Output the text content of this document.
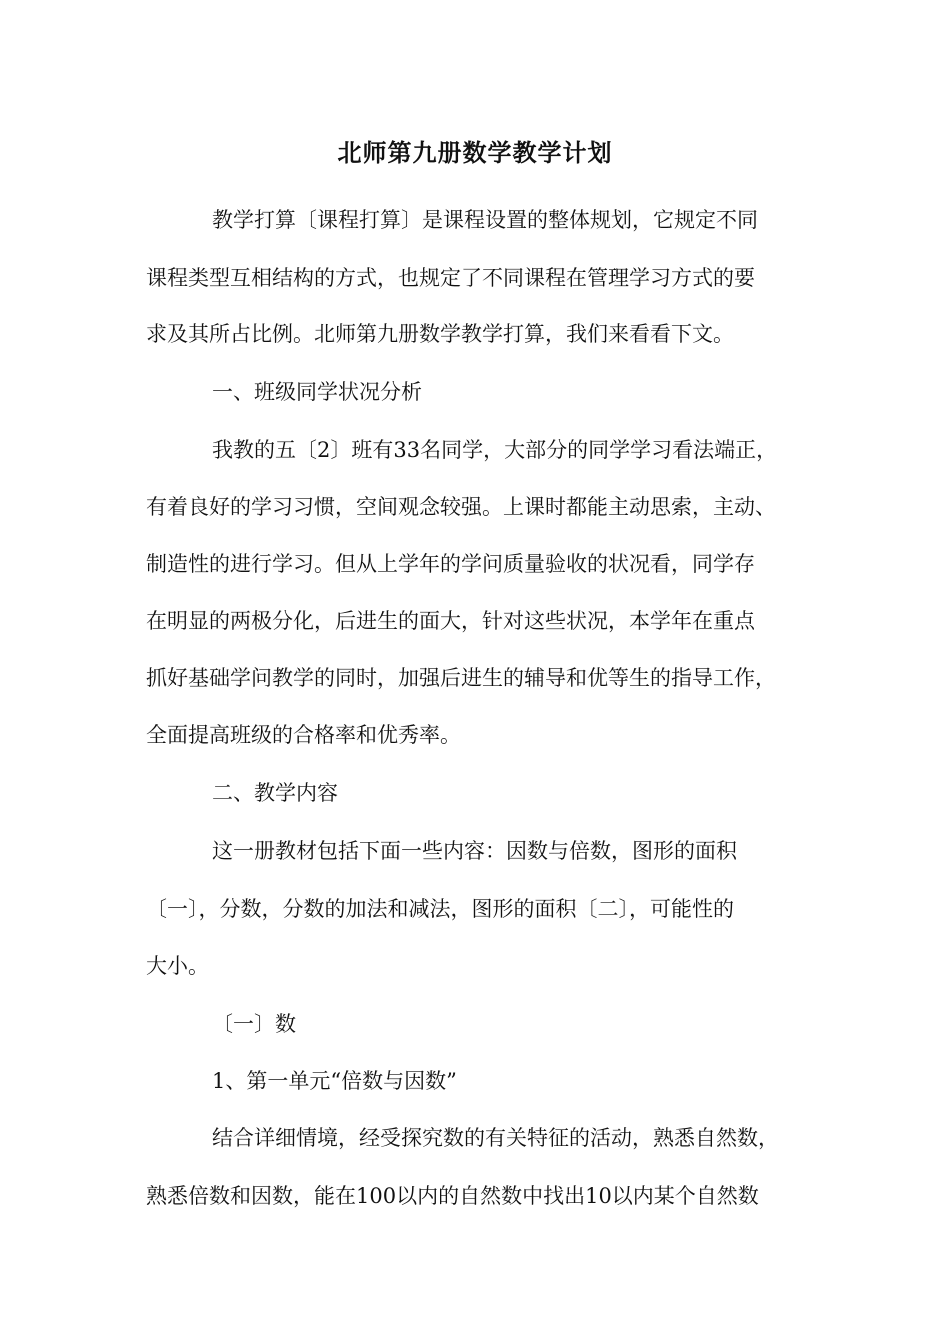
北师第九册数学教学计划
教学打算〔课程打算〕是课程设置的整体规划，它规定不同
课程类型互相结构的方式，也规定了不同课程在管理学习方式的要
求及其所占比例。北师第九册数学教学打算，我们来看看下文。
一、班级同学状况分析
我教的五〔2〕班有33名同学，大部分的同学学习看法端正，
有着良好的学习习惯，空间观念较强。上课时都能主动思索，主动、
制造性的进行学习。但从上学年的学问质量验收的状况看，同学存
在明显的两极分化，后进生的面大，针对这些状况，本学年在重点
抓好基础学问教学的同时，加强后进生的辅导和优等生的指导工作，
全面提高班级的合格率和优秀率。
二、教学内容
这一册教材包括下面一些内容：因数与倍数，图形的面积
〔一〕，分数，分数的加法和减法，图形的面积〔二〕，可能性的
大小。
〔一〕数
1、第一单元“倍数与因数”
结合详细情境，经受探究数的有关特征的活动，熟悉自然数，
熟悉倍数和因数，能在100以内的自然数中找出10以内某个自然数
